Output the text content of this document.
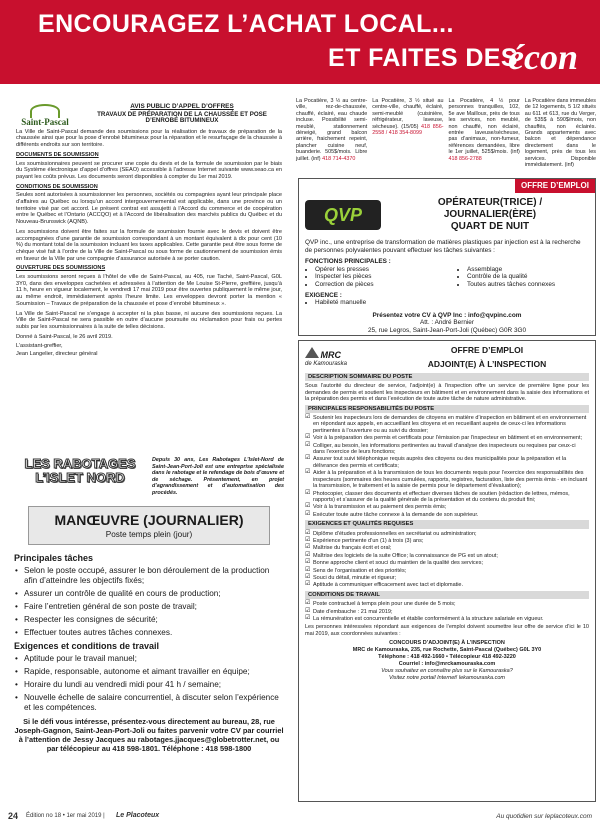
ENCOURAGEZ L’ACHAT LOCAL...
ET FAITES DES
écon
Saint-Pascal
AVIS PUBLIC D’APPEL D’OFFRES
TRAVAUX DE PRÉPARATION DE LA CHAUSSÉE ET POSE D’ENROBÉ BITUMINEUX

La Ville de Saint-Pascal demande des soumissions pour la réalisation de travaux de préparation de la chaussée ainsi que pour la pose d’enrobé bitumineux pour la réparation et le resurfaçage de la chaussée à différents endroits sur son territoire.

DOCUMENTS DE SOUMISSION

Les soumissionnaires peuvent se procurer une copie du devis et de la formule de soumission par le biais du Système électronique d’appel d’offres (SEAO) accessible à l’adresse Internet suivante www.seao.ca en payant les coûts prévus. Les documents seront disponibles à compter du 1er mai 2019.

CONDITIONS DE SOUMISSION

Seules sont autorisées à soumissionner les personnes, sociétés ou compagnies ayant leur principale place d’affaires au Québec ou lorsqu’un accord intergouvernemental est applicable, dans une province ou un territoire visé par cet accord. Le présent contrat est assujetti à l’Accord du commerce et de coopération entre le Québec et l’Ontario (ACCQO) et à l’Accord de libéralisation des marchés publics du Québec et du Nouveau-Brunswick (AQNB).

Les soumissions doivent être faites sur la formule de soumission fournie avec le devis et doivent être accompagnées d’une garantie de soumission correspondant à un montant équivalent à dix pour cent (10 %) du montant total de la soumission incluant les taxes applicables. Cette garantie peut être sous forme de chèque visé fait à l’ordre de la Ville de Saint-Pascal ou sous forme de cautionnement de soumission émis en faveur de la Ville par une compagnie d’assurance autorisée à se porter caution.

OUVERTURE DES SOUMISSIONS

Les soumissions seront reçues à l’hôtel de ville de Saint-Pascal, au 405, rue Taché, Saint-Pascal, G0L 3Y0, dans des enveloppes cachetées et adressées à l’attention de Me Louise St-Pierre, greffière, jusqu’à 11 h, heure en vigueur localement, le vendredi 17 mai 2019 pour être ouvertes publiquement le même jour, au même endroit, immédiatement après l’heure limite. Les enveloppes devront porter la mention « Soumission – Travaux de préparation de la chaussée et pose d’enrobé bitumineux ».

La Ville de Saint-Pascal ne s’engage à accepter ni la plus basse, ni aucune des soumissions reçues. La Ville de Saint-Pascal ne sera passible en outre d’aucune poursuite ou réclamation pour frais ou pertes subis par les soumissionnaires à la suite de telles décisions.

Donné à Saint-Pascal, le 26 avril 2019.

L’assistant-greffier,

Jean Langelier, directeur général

La Pocatière, 3 ½ au centre-ville, rez-de-chaussée, chauffé, éclairé, eau chaude incluse. Possibilité semi-meublé, stationnement déneigé, grand balcon arrière, fraichement repeint, plancher cuisine neuf, buanderie. 505$/mois. Libre juillet. (inf) 418 714-4370
La Pocatière, 3 ½ situé au centre-ville, chauffé, éclairé, semi-meublé (cuisinière, réfrigérateur, laveuse, sécheuse). (15/05) 418 856-2558 / 418 354-8099
La Pocatière, 4 ½ pour personnes tranquilles, 102, 5e ave Mailloux, près de tous les services, non meublé, non chauffé, non éclairé, entrée laveuse/sécheuse, pas d’animaux, non-fumeur, références demandées, libre le 1er juillet, 525$/mois. (inf) 418 856-2788
La Pocatière dans immeubles de 12 logements, 5 1/2 situés au 611 et 613, rue du Verger, de 535$ à 590$/mois, non chauffés, non éclairés. Grands appartements avec balcon et dépendance directement dans le logement, près de tous les services. Disponible immédiatement. (inf)
OFFRE D’EMPLOI
QVP
OPÉRATEUR(TRICE) / JOURNALIER(ÈRE)
QUART DE NUIT
QVP inc., une entreprise de transformation de matières plastiques par injection est à la recherche de personnes polyvalentes pouvant effectuer les tâches suivantes :
FONCTIONS PRINCIPALES :
• Opérer les presses
• Inspecter les pièces
• Correction de pièces
• Assemblage
• Contrôle de la qualité
• Toutes autres tâches connexes
EXIGENCE :
• Habileté manuelle
Présentez votre CV à QVP Inc : info@qvpinc.com
Att. : André Bernier
25, rue Legros, Saint-Jean-Port-Joli (Québec) G0R 3G0
LES RABOTAGES
L’ISLET NORD
Depuis 30 ans, Les Rabotages L’Islet-Nord de Saint-Jean-Port-Joli est une entreprise spécialisée dans le rabotage et le refendage de bois d’œuvre et de séchage. Présentement, en projet d’agrandissement et d’automatisation des procédés.
MANŒUVRE (JOURNALIER)
Poste temps plein (jour)
Principales tâches
• Selon le poste occupé, assurer le bon déroulement de la production afin d’atteindre les objectifs fixés;
• Assurer un contrôle de qualité en cours de production;
• Faire l’entretien général de son poste de travail;
• Respecter les consignes de sécurité;
• Effectuer toutes autres tâches connexes.
Exigences et conditions de travail
• Aptitude pour le travail manuel;
• Rapide, responsable, autonome et aimant travailler en équipe;
• Horaire du lundi au vendredi midi pour 41 h / semaine;
• Nouvelle échelle de salaire concurrentiel, à discuter selon l’expérience et les compétences.
Si le défi vous intéresse, présentez-vous directement au bureau, 28, rue Joseph-Gagnon, Saint-Jean-Port-Joli ou faites parvenir votre CV par courriel à l’attention de Jessy Jacques au rabotages.jjacques@globetrotter.net, ou par télécopieur au 418 598-1801. Téléphone : 418 598-1800
MRC
de Kamouraska
OFFRE D’EMPLOI
ADJOINT(E) À L’INSPECTION
DESCRIPTION SOMMAIRE DU POSTE
Sous l’autorité du directeur de service, l’adjoint(e) à l’inspection offre un service de première ligne pour les demandes de permis et soutient les inspecteurs en bâtiment et en environnement dans la saisie des informations et la préparation des permis et dans l’exécution de toute autre tâche de nature administrative.
PRINCIPALES RESPONSABILITÉS DU POSTE
☑ Soutenir les inspecteurs lors de demandes de citoyens en matière d’inspection en bâtiment et en environnement en répondant aux appels, en accueillant les citoyens et en recueillant auprès de ceux-ci les informations pertinentes à l’ouverture ou au suivi du dossier;
☑ Voir à la préparation des permis et certificats pour l’émission par l’inspecteur en bâtiment et en environnement;
☑ Colliger, au besoin, les informations pertinentes au travail d’analyse des inspecteurs ou requises par ceux-ci dans l’exercice de leurs fonctions;
☑ Assurer tout suivi téléphonique requis auprès des citoyens ou des municipalités pour la préparation et la délivrance des permis et certificats;
☑ Aider à la préparation et à la transmission de tous les documents requis pour l’exercice des responsabilités des inspecteurs (sommaires des heures cumulées, rapports, registres, facturation, liste des permis émis - en incluant la transmission, le traitement et la saisie de permis pour le département d’évaluation);
☑ Photocopier, classer des documents et effectuer diverses tâches de soutien (rédaction de lettres, mémos, rapports) et s’assurer de la qualité générale de la présentation et du contenu du produit fini;
☑ Voir à la transmission et au paiement des permis émis;
☑ Exécuter toute autre tâche connexe à la demande de son supérieur.
EXIGENCES ET QUALITÉS REQUISES
☑ Diplôme d’études professionnelles en secrétariat ou administration;
☑ Expérience pertinente d’un (1) à trois (3) ans;
☑ Maîtrise du français écrit et oral;
☑ Maîtrise des logiciels de la suite Office; la connaissance de PG est un atout;
☑ Bonne approche client et souci du maintien de la qualité des services;
☑ Sens de l’organisation et des priorités;
☑ Souci du détail, minutie et rigueur;
☑ Aptitude à communiquer efficacement avec tact et diplomatie.
CONDITIONS DE TRAVAIL
☑ Poste contractuel à temps plein pour une durée de 5 mois;
☑ Date d’embauche : 21 mai 2019;
☑ La rémunération est concurrentielle et établie conformément à la structure salariale en vigueur.
Les personnes intéressées répondant aux exigences de l’emploi doivent soumettre leur offre de service d’ici le 10 mai 2019, aux coordonnées suivantes :
CONCOURS D’ADJOINT(E) À L’INSPECTION
MRC de Kamouraska, 235, rue Rochette, Saint-Pascal (Québec) G0L 3Y0
Téléphone : 418 492-1660 • Télécopieur 418 492-3220
Courriel : info@mrckamouraska.com
Vous souhaitez en connaître plus sur le Kamouraska?
Visitez notre portail Internet! lekamouraska.com
24 Édition no 18 • 1er mai 2019 | Le Placoteux	Au quotidien sur leplacoteux.com
